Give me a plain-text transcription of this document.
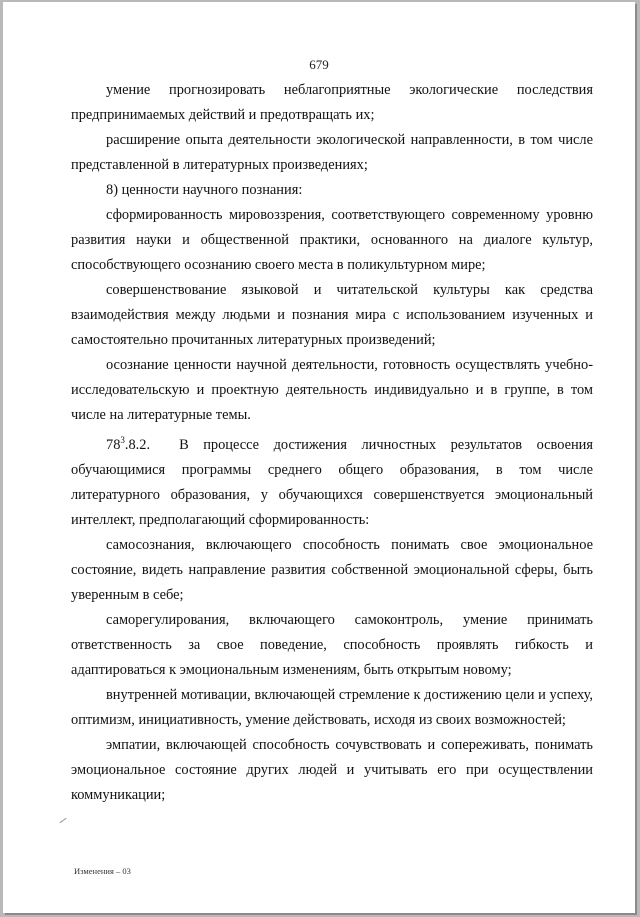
679

умение прогнозировать неблагоприятные экологические последствия предпринимаемых действий и предотвращать их;

расширение опыта деятельности экологической направленности, в том числе представленной в литературных произведениях;

8) ценности научного познания:

сформированность мировоззрения, соответствующего современному уровню развития науки и общественной практики, основанного на диалоге культур, способствующего осознанию своего места в поликультурном мире;

совершенствование языковой и читательской культуры как средства взаимодействия между людьми и познания мира с использованием изученных и самостоятельно прочитанных литературных произведений;

осознание ценности научной деятельности, готовность осуществлять учебно-исследовательскую и проектную деятельность индивидуально и в группе, в том числе на литературные темы.

$78^3.8.2$. В процессе достижения личностных результатов освоения обучающимися программы среднего общего образования, в том числе литературного образования, у обучающихся совершенствуется эмоциональный интеллект, предполагающий сформированность:

самосознания, включающего способность понимать свое эмоциональное состояние, видеть направление развития собственной эмоциональной сферы, быть уверенным в себе;

саморегулирования, включающего самоконтроль, умение принимать ответственность за свое поведение, способность проявлять гибкость и адаптироваться к эмоциональным изменениям, быть открытым новому;

внутренней мотивации, включающей стремление к достижению цели и успеху, оптимизм, инициативность, умение действовать, исходя из своих возможностей;

эмпатии, включающей способность сочувствовать и сопереживать, понимать эмоциональное состояние других людей и учитывать его при осуществлении коммуникации;

Изменения – 03
